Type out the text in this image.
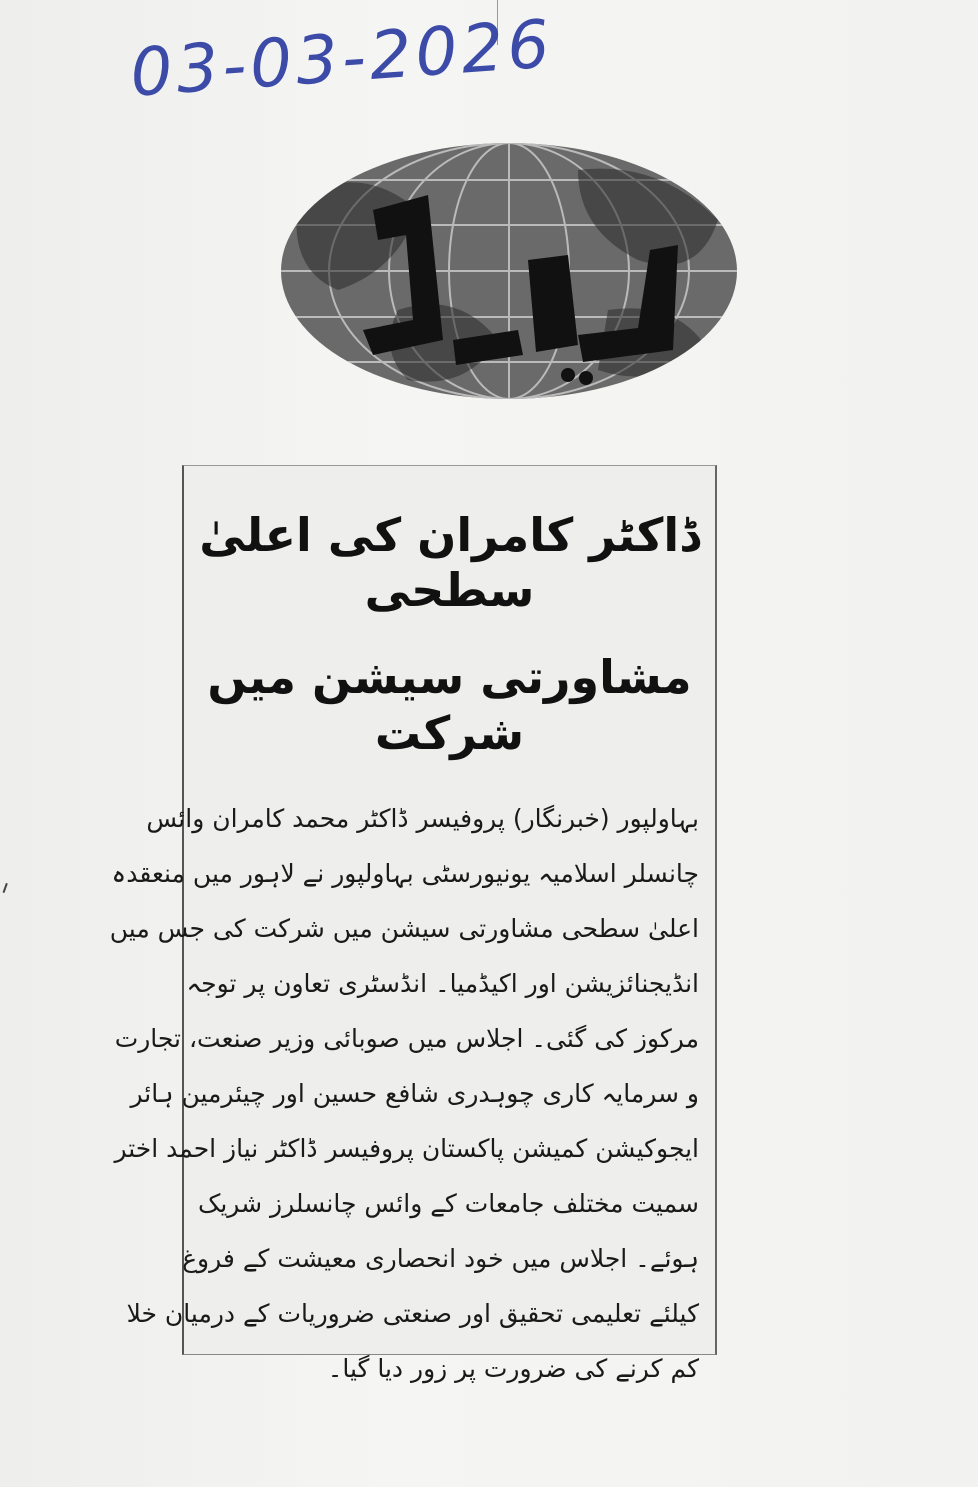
03-03-2026
دنیا
ڈاکٹر کامران کی اعلیٰ سطحی
مشاورتی سیشن میں شرکت
بہاولپور (خبرنگار) پروفیسر ڈاکٹر محمد کامران وائس
چانسلر اسلامیہ یونیورسٹی بہاولپور نے لاہور میں منعقدہ
اعلیٰ سطحی مشاورتی سیشن میں شرکت کی جس میں
انڈیجنائزیشن اور اکیڈمیا۔ انڈسٹری تعاون پر توجہ
مرکوز کی گئی۔ اجلاس میں صوبائی وزیر صنعت، تجارت
و سرمایہ کاری چوہدری شافع حسین اور چیئرمین ہائر
ایجوکیشن کمیشن پاکستان پروفیسر ڈاکٹر نیاز احمد اختر
سمیت مختلف جامعات کے وائس چانسلرز شریک
ہوئے۔ اجلاس میں خود انحصاری معیشت کے فروغ
کیلئے تعلیمی تحقیق اور صنعتی ضروریات کے درمیان خلا
کم کرنے کی ضرورت پر زور دیا گیا۔
